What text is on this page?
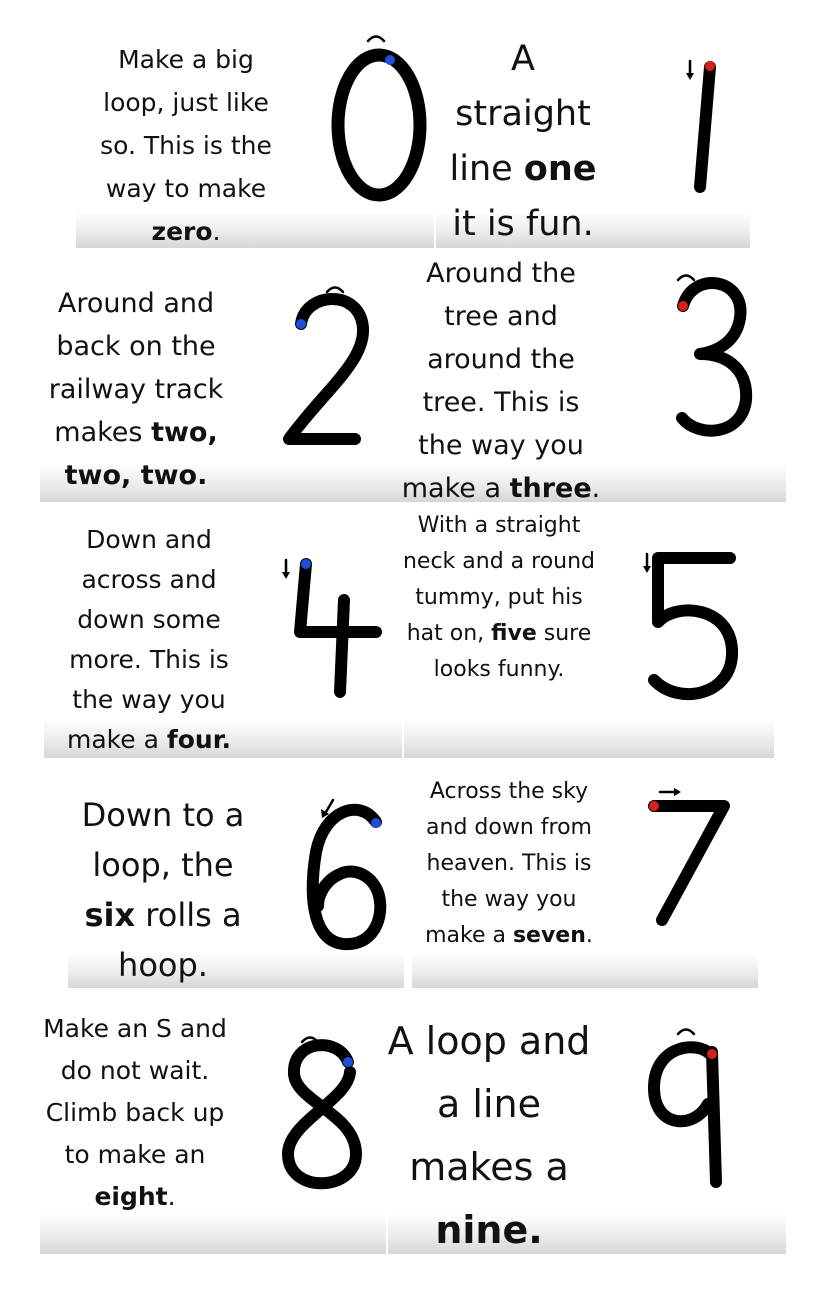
Make a big loop, just like so. This is the way to make zero.
A straight line one it is fun.
Around and back on the railway track makes two, two, two.
Around the tree and around the tree. This is the way you make a three.
Down and across and down some more. This is the way you make a four.
With a straight neck and a round tummy, put his hat on, five sure looks funny.
Down to a loop, the six rolls a hoop.
Across the sky and down from heaven. This is the way you make a seven.
Make an S and do not wait. Climb back up to make an eight.
A loop and a line makes a nine.
